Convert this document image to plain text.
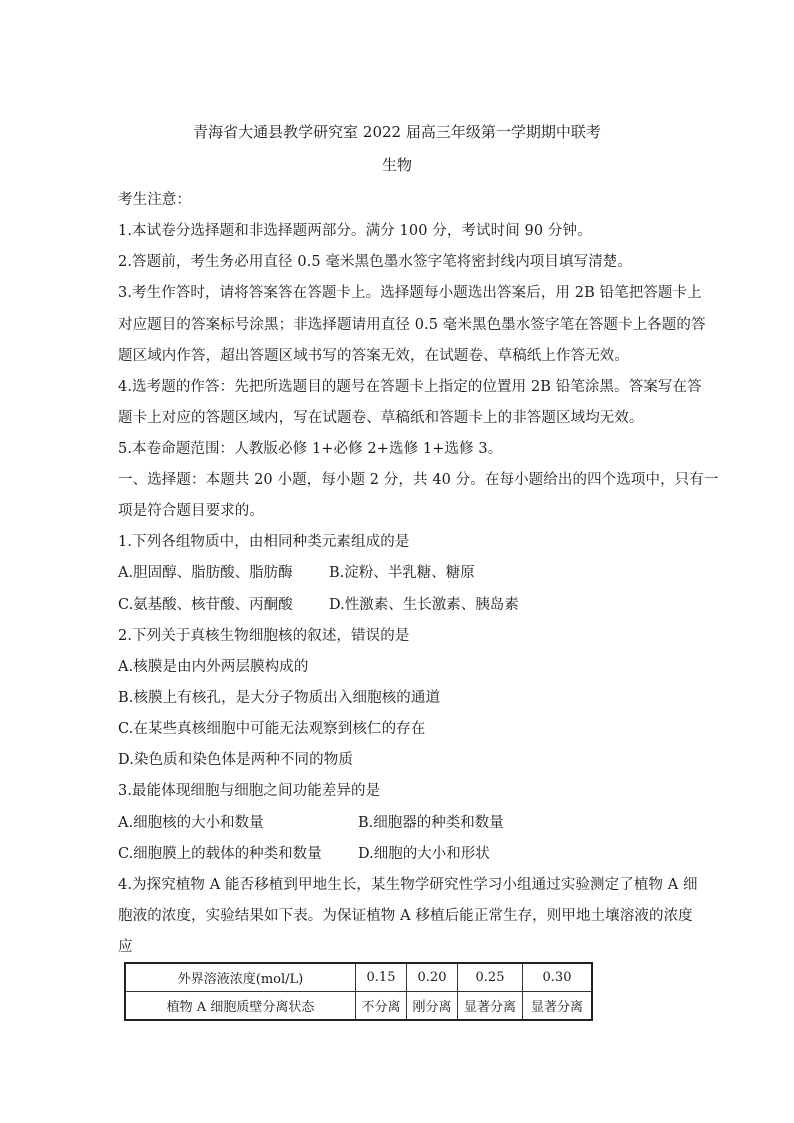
青海省大通县教学研究室 2022 届高三年级第一学期期中联考
生物
考生注意：
1.本试卷分选择题和非选择题两部分。满分 100 分，考试时间 90 分钟。
2.答题前，考生务必用直径 0.5 毫米黑色墨水签字笔将密封线内项目填写清楚。
3.考生作答时，请将答案答在答题卡上。选择题每小题选出答案后，用 2B 铅笔把答题卡上
对应题目的答案标号涂黑；非选择题请用直径 0.5 毫米黑色墨水签字笔在答题卡上各题的答
题区域内作答，超出答题区域书写的答案无效，在试题卷、草稿纸上作答无效。
4.选考题的作答：先把所选题目的题号在答题卡上指定的位置用 2B 铅笔涂黑。答案写在答
题卡上对应的答题区域内，写在试题卷、草稿纸和答题卡上的非答题区域均无效。
5.本卷命题范围：人教版必修 1+必修 2+选修 1+选修 3。
一、选择题：本题共 20 小题，每小题 2 分，共 40 分。在每小题给出的四个选项中，只有一
项是符合题目要求的。
1.下列各组物质中，由相同种类元素组成的是
A.胆固醇、脂肪酸、脂肪酶	B.淀粉、半乳糖、糖原
C.氨基酸、核苷酸、丙酮酸	D.性激素、生长激素、胰岛素
2.下列关于真核生物细胞核的叙述，错误的是
A.核膜是由内外两层膜构成的
B.核膜上有核孔，是大分子物质出入细胞核的通道
C.在某些真核细胞中可能无法观察到核仁的存在
D.染色质和染色体是两种不同的物质
3.最能体现细胞与细胞之间功能差异的是
A.细胞核的大小和数量	B.细胞器的种类和数量
C.细胞膜上的载体的种类和数量	D.细胞的大小和形状
4.为探究植物 A 能否移植到甲地生长，某生物学研究性学习小组通过实验测定了植物 A 细
胞液的浓度，实验结果如下表。为保证植物 A 移植后能正常生存，则甲地土壤溶液的浓度
应
外界溶液浓度(mol/L)	0.15	0.20	0.25	0.30
植物 A 细胞质壁分离状态	不分离	刚分离	显著分离	显著分离
